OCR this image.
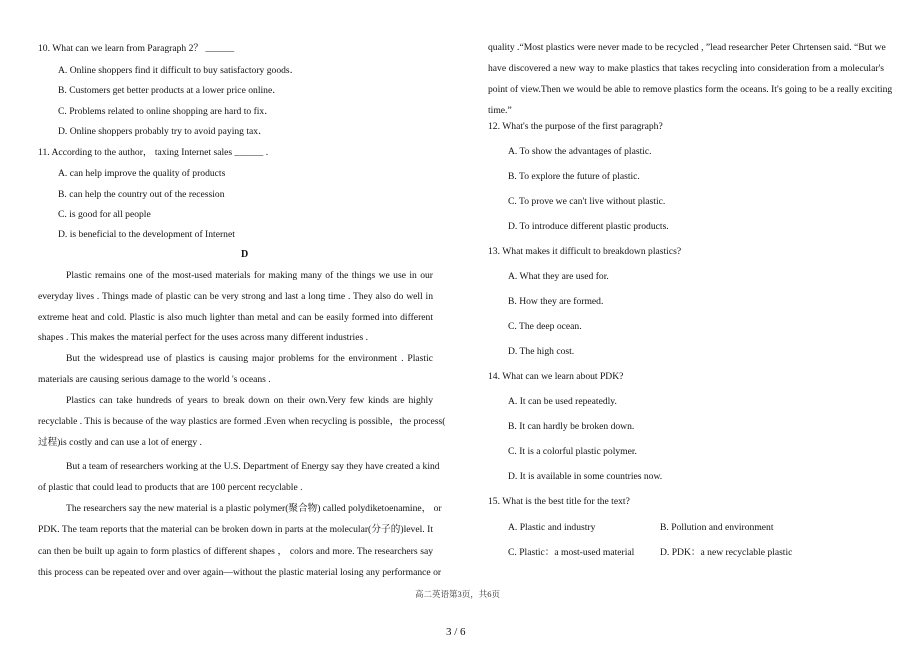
10. What can we learn from Paragraph 2？ ______
A. Online shoppers find it difficult to buy satisfactory goods．
B. Customers get better products at a lower price online．
C. Problems related to online shopping are hard to fix．
D. Online shoppers probably try to avoid paying tax．
11. According to the author， taxing Internet sales ______ .
A. can help improve the quality of products
B. can help the country out of the recession
C. is good for all people
D. is beneficial to the development of Internet
D
Plastic remains one of the most-used materials for making many of the things we use in our
everyday lives . Things made of plastic can be very strong and last a long time . They also do well in
extreme heat and cold. Plastic is also much lighter than metal and can be easily formed into different
shapes . This makes the material perfect for the uses across many different industries .
But the widespread use of plastics is causing major problems for the environment . Plastic
materials are causing serious damage to the world 's oceans .
Plastics can take hundreds of years to break down on their own.Very few kinds are highly
recyclable . This is because of the way plastics are formed .Even when recycling is possible，the process(
过程)is costly and can use a lot of energy .
But a team of researchers working at the U.S. Department of Energy say they have created a kind
of plastic that could lead to products that are 100 percent recyclable .
The researchers say the new material is a plastic polymer(聚合物) called polydiketoenamine， or
PDK. The team reports that the material can be broken down in parts at the molecular(分子的)level. It
can then be built up again to form plastics of different shapes ， colors and more. The researchers say
this process can be repeated over and over again—without the plastic material losing any performance or
quality .“Most plastics were never made to be recycled , ”lead researcher Peter Chrtensen said. “But we
have discovered a new way to make plastics that takes recycling into consideration from a molecular's
point of view.Then we would be able to remove plastics form the oceans. It's going to be a really exciting
time.”
12. What's the purpose of the first paragraph?
A. To show the advantages of plastic.
B. To explore the future of plastic.
C. To prove we can't live without plastic.
D. To introduce different plastic products.
13. What makes it difficult to breakdown plastics?
A. What they are used for.
B. How they are formed.
C. The deep ocean.
D. The high cost.
14. What can we learn about PDK?
A. It can be used repeatedly.
B. It can hardly be broken down.
C. It is a colorful plastic polymer.
D. It is available in some countries now.
15. What is the best title for the text?
A. Plastic and industry	B. Pollution and environment
C. Plastic：a most-used material	D. PDK：a new recyclable plastic
高二英语第3页，共6页
3 / 6
